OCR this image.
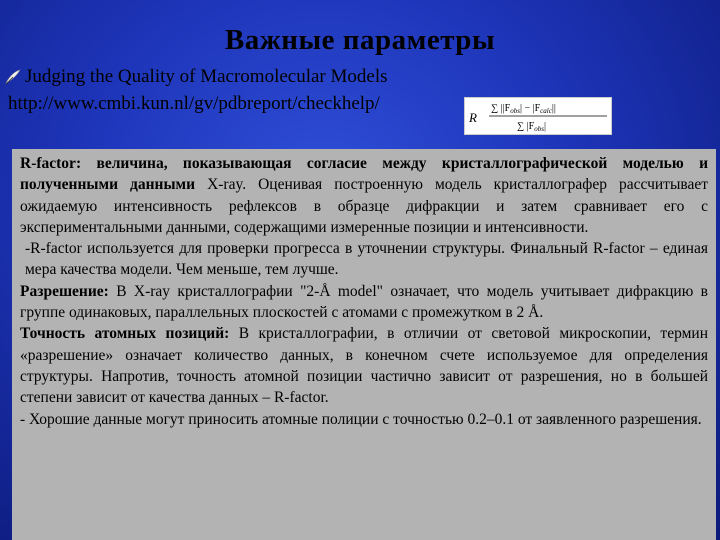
Важные параметры
Judging the Quality of Macromolecular Models
http://www.cmbi.kun.nl/gv/pdbreport/checkhelp/
R
∑ $||F_{obs}| - |F_{calc}||$
∑ $|F_{obs}|$

R-factor: величина, показывающая согласие между кристаллографической моделью и полученными данными X-ray. Оценивая построенную модель кристаллографер рассчитывает ожидаемую интенсивность рефлексов в образце дифракции и затем сравнивает его с экспериментальными данными, содержащими измеренные позиции и интенсивности.

-R-factor используется для проверки прогресса в уточнении структуры. Финальный R-factor – единая мера качества модели. Чем меньше, тем лучше.

Разрешение: В X-ray кристаллографии "2-Å model" означает, что модель учитывает дифракцию в группе одинаковых, параллельных плоскостей с атомами с промежутком в 2 Å.

Точность атомных позиций: В кристаллографии, в отличии от световой микроскопии, термин «разрешение» означает количество данных, в конечном счете используемое для определения структуры. Напротив, точность атомной позиции частично зависит от разрешения, но в большей степени зависит от качества данных – R-factor.

- Хорошие данные могут приносить атомные полиции с точностью 0.2–0.1 от заявленного разрешения.
